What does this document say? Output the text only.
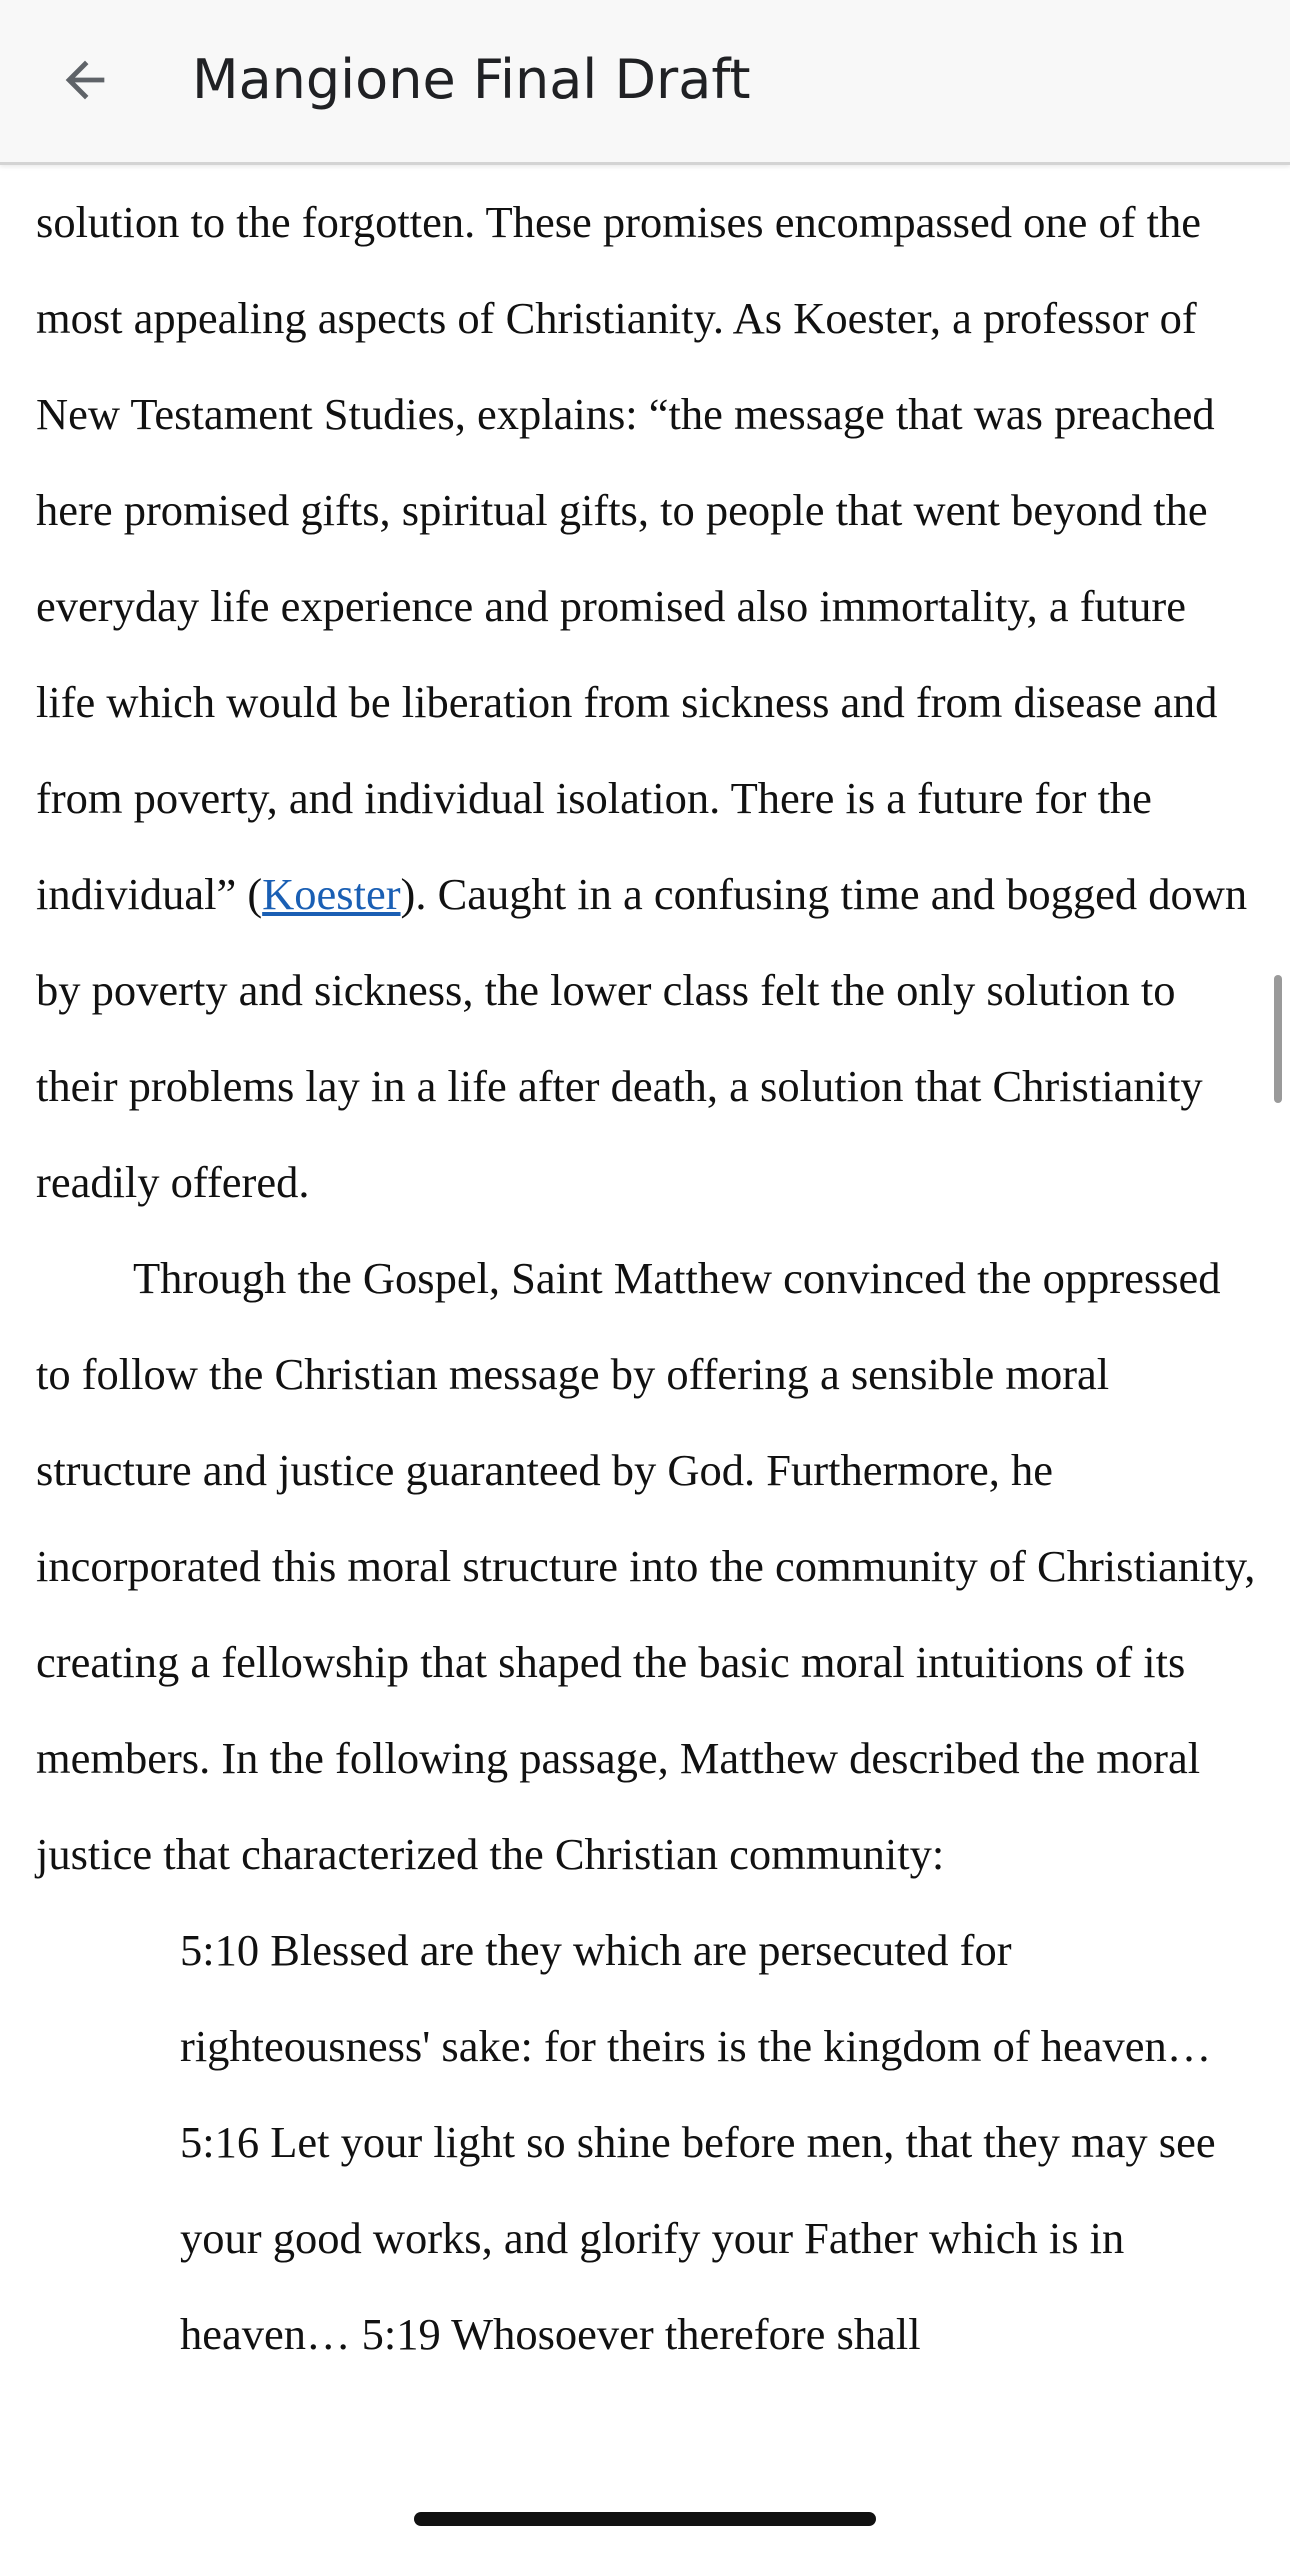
Mangione Final Draft

solution to the forgotten. These promises encompassed one of the most appealing aspects of Christianity. As Koester, a professor of New Testament Studies, explains: “the message that was preached here promised gifts, spiritual gifts, to people that went beyond the everyday life experience and promised also immortality, a future life which would be liberation from sickness and from disease and from poverty, and individual isolation. There is a future for the individual” (Koester). Caught in a confusing time and bogged down by poverty and sickness, the lower class felt the only solution to their problems lay in a life after death, a solution that Christianity readily offered.

Through the Gospel, Saint Matthew convinced the oppressed to follow the Christian message by offering a sensible moral structure and justice guaranteed by God. Furthermore, he incorporated this moral structure into the community of Christianity, creating a fellowship that shaped the basic moral intuitions of its members. In the following passage, Matthew described the moral justice that characterized the Christian community:

5:10 Blessed are they which are persecuted for righteousness' sake: for theirs is the kingdom of heaven… 5:16 Let your light so shine before men, that they may see your good works, and glorify your Father which is in heaven… 5:19 Whosoever therefore shall
